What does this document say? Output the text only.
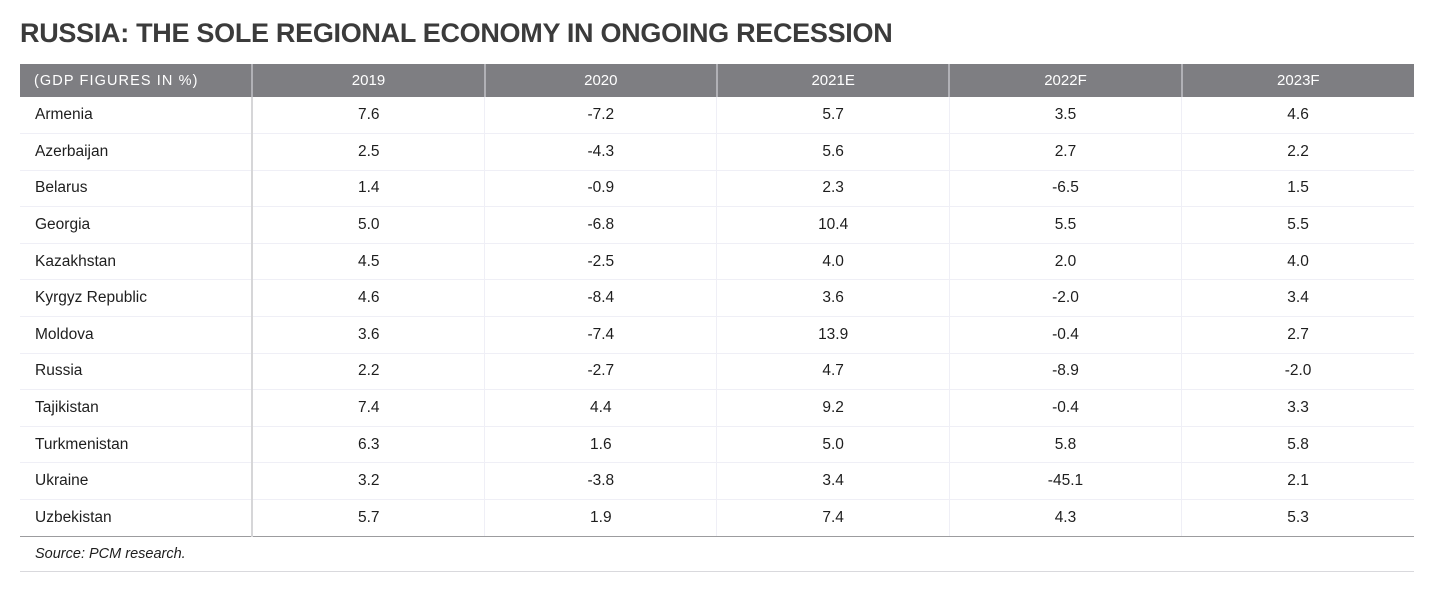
RUSSIA: THE SOLE REGIONAL ECONOMY IN ONGOING RECESSION
(GDP FIGURES IN %)	2019	2020	2021E	2022F	2023F
Armenia	7.6	-7.2	5.7	3.5	4.6
Azerbaijan	2.5	-4.3	5.6	2.7	2.2
Belarus	1.4	-0.9	2.3	-6.5	1.5
Georgia	5.0	-6.8	10.4	5.5	5.5
Kazakhstan	4.5	-2.5	4.0	2.0	4.0
Kyrgyz Republic	4.6	-8.4	3.6	-2.0	3.4
Moldova	3.6	-7.4	13.9	-0.4	2.7
Russia	2.2	-2.7	4.7	-8.9	-2.0
Tajikistan	7.4	4.4	9.2	-0.4	3.3
Turkmenistan	6.3	1.6	5.0	5.8	5.8
Ukraine	3.2	-3.8	3.4	-45.1	2.1
Uzbekistan	5.7	1.9	7.4	4.3	5.3
Source: PCM research.
